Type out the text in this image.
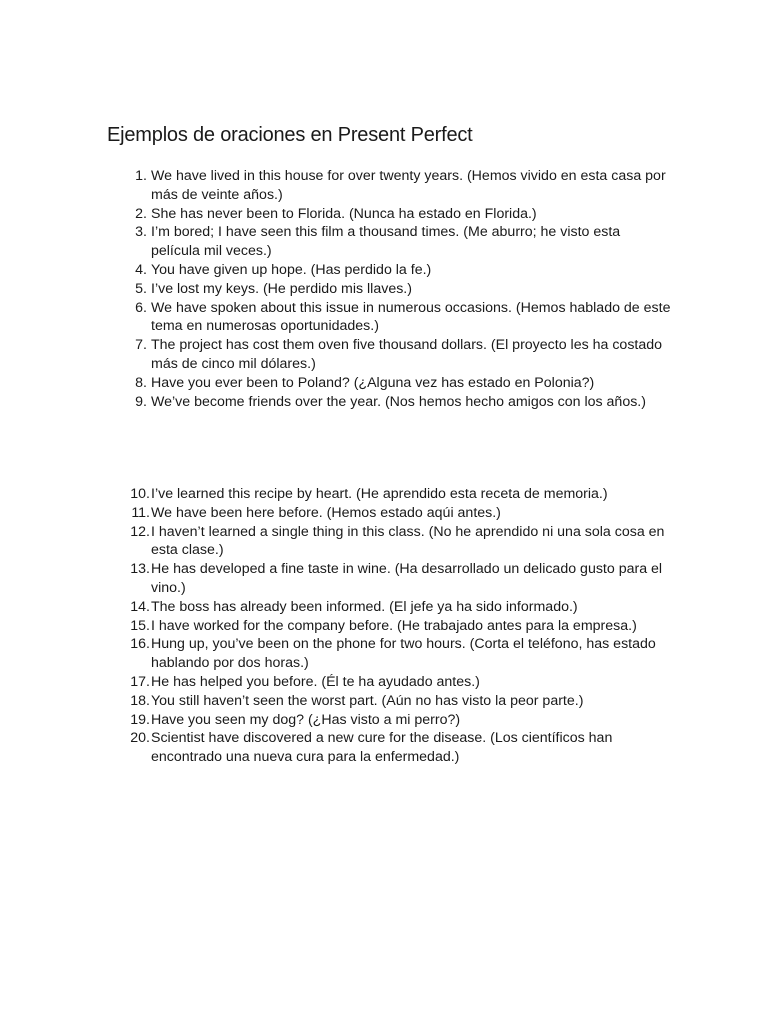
Ejemplos de oraciones en Present Perfect
1. We have lived in this house for over twenty years. (Hemos vivido en esta casa por más de veinte años.)
2. She has never been to Florida. (Nunca ha estado en Florida.)
3. I’m bored; I have seen this film a thousand times. (Me aburro; he visto esta película mil veces.)
4. You have given up hope. (Has perdido la fe.)
5. I’ve lost my keys. (He perdido mis llaves.)
6. We have spoken about this issue in numerous occasions. (Hemos hablado de este tema en numerosas oportunidades.)
7. The project has cost them oven five thousand dollars. (El proyecto les ha costado más de cinco mil dólares.)
8. Have you ever been to Poland? (¿Alguna vez has estado en Polonia?)
9. We’ve become friends over the year. (Nos hemos hecho amigos con los años.)
10. I’ve learned this recipe by heart. (He aprendido esta receta de memoria.)
11. We have been here before. (Hemos estado aqúi antes.)
12. I haven’t learned a single thing in this class. (No he aprendido ni una sola cosa en esta clase.)
13. He has developed a fine taste in wine. (Ha desarrollado un delicado gusto para el vino.)
14. The boss has already been informed. (El jefe ya ha sido informado.)
15. I have worked for the company before. (He trabajado antes para la empresa.)
16. Hung up, you’ve been on the phone for two hours. (Corta el teléfono, has estado hablando por dos horas.)
17. He has helped you before. (Él te ha ayudado antes.)
18. You still haven’t seen the worst part. (Aún no has visto la peor parte.)
19. Have you seen my dog? (¿Has visto a mi perro?)
20. Scientist have discovered a new cure for the disease. (Los científicos han encontrado una nueva cura para la enfermedad.)
